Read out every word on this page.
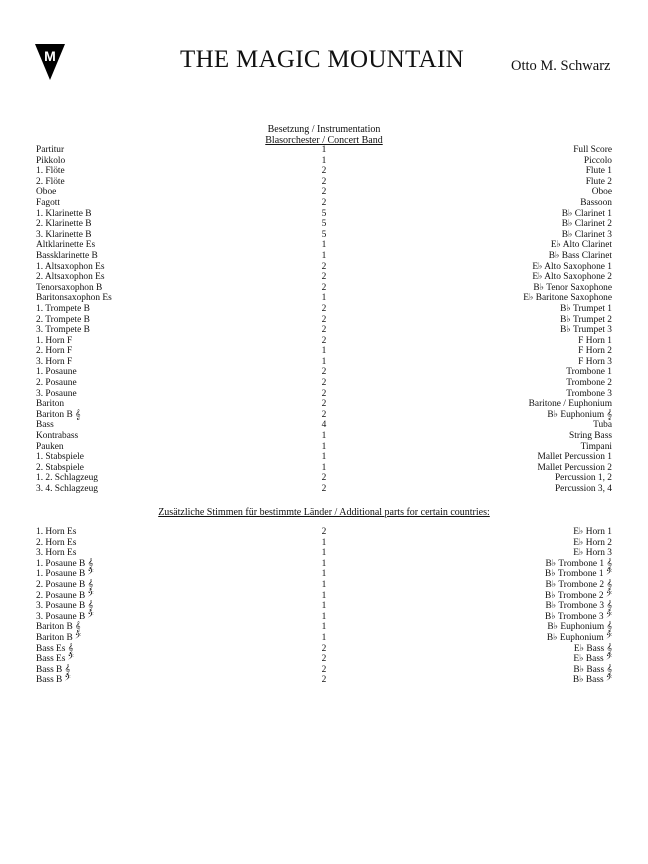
M	THE MAGIC MOUNTAIN	Otto M. Schwarz
Besetzung / Instrumentation
Blasorchester / Concert Band
Partitur	1	Full Score
Pikkolo	1	Piccolo
1. Flöte	2	Flute 1
2. Flöte	2	Flute 2
Oboe	2	Oboe
Fagott	2	Bassoon
1. Klarinette B	5	B♭ Clarinet 1
2. Klarinette B	5	B♭ Clarinet 2
3. Klarinette B	5	B♭ Clarinet 3
Altklarinette Es	1	E♭ Alto Clarinet
Bassklarinette B	1	B♭ Bass Clarinet
1. Altsaxophon Es	2	E♭ Alto Saxophone 1
2. Altsaxophon Es	2	E♭ Alto Saxophone 2
Tenorsaxophon B	2	B♭ Tenor Saxophone
Baritonsaxophon Es	1	E♭ Baritone Saxophone
1. Trompete B	2	B♭ Trumpet 1
2. Trompete B	2	B♭ Trumpet 2
3. Trompete B	2	B♭ Trumpet 3
1. Horn F	2	F Horn 1
2. Horn F	1	F Horn 2
3. Horn F	1	F Horn 3
1. Posaune	2	Trombone 1
2. Posaune	2	Trombone 2
3. Posaune	2	Trombone 3
Bariton	2	Baritone / Euphonium
Bariton B 𝄞	2	B♭ Euphonium 𝄞
Bass	4	Tuba
Kontrabass	1	String Bass
Pauken	1	Timpani
1. Stabspiele	1	Mallet Percussion 1
2. Stabspiele	1	Mallet Percussion 2
1. 2. Schlagzeug	2	Percussion 1, 2
3. 4. Schlagzeug	2	Percussion 3, 4
Zusätzliche Stimmen für bestimmte Länder / Additional parts for certain countries:
1. Horn Es	2	E♭ Horn 1
2. Horn Es	1	E♭ Horn 2
3. Horn Es	1	E♭ Horn 3
1. Posaune B 𝄞	1	B♭ Trombone 1 𝄞
1. Posaune B 𝄢	1	B♭ Trombone 1 𝄢
2. Posaune B 𝄞	1	B♭ Trombone 2 𝄞
2. Posaune B 𝄢	1	B♭ Trombone 2 𝄢
3. Posaune B 𝄞	1	B♭ Trombone 3 𝄞
3. Posaune B 𝄢	1	B♭ Trombone 3 𝄢
Bariton B 𝄞	1	B♭ Euphonium 𝄞
Bariton B 𝄢	1	B♭ Euphonium 𝄢
Bass Es 𝄞	2	E♭ Bass 𝄞
Bass Es 𝄢	2	E♭ Bass 𝄢
Bass B 𝄞	2	B♭ Bass 𝄞
Bass B 𝄢	2	B♭ Bass 𝄢
